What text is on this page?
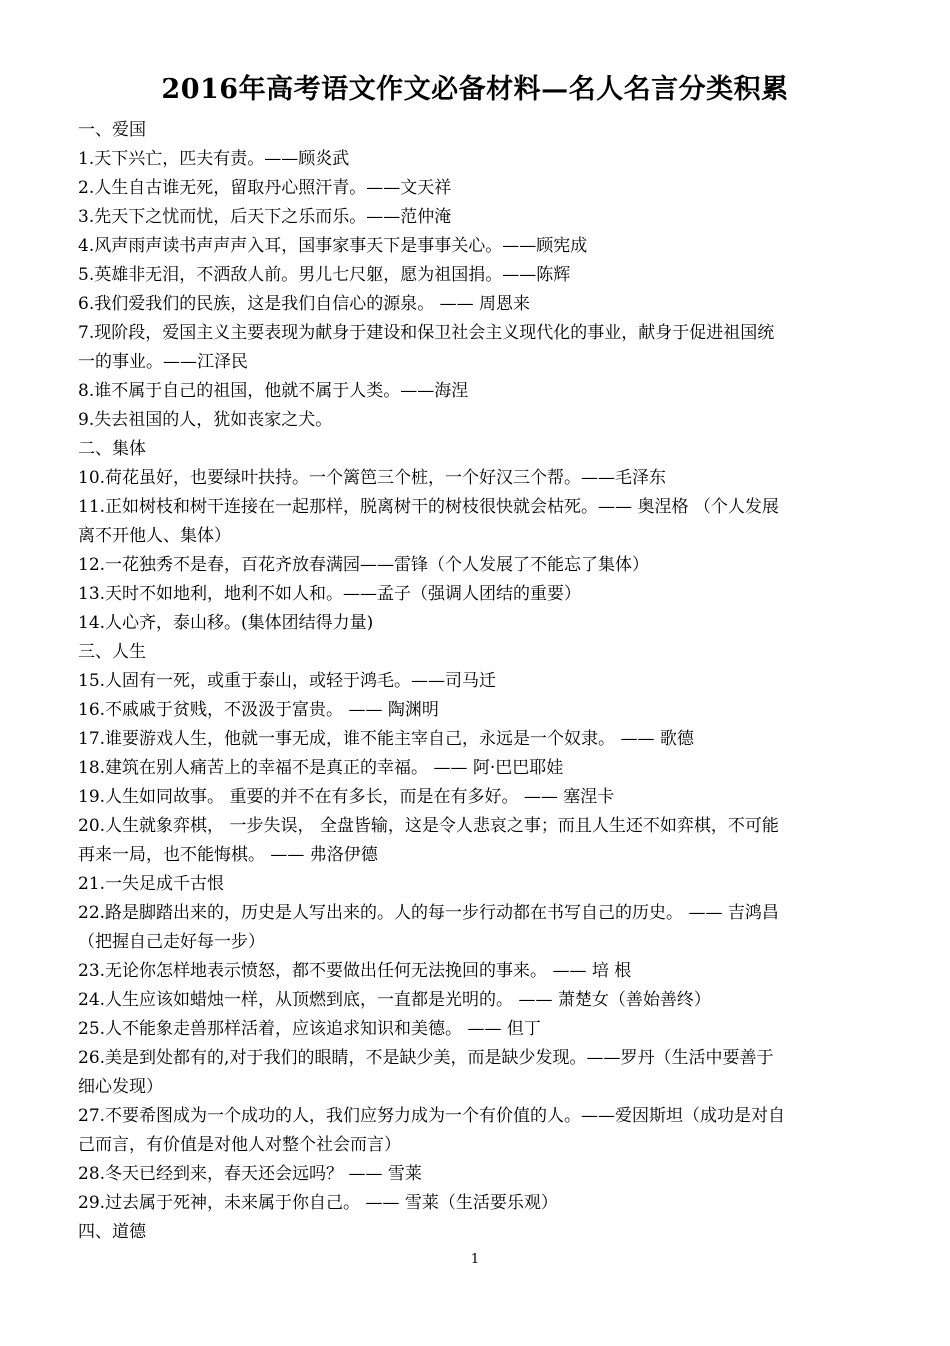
2016年高考语文作文必备材料—名人名言分类积累
一、爱国
1.天下兴亡，匹夫有责。——顾炎武
2.人生自古谁无死，留取丹心照汗青。——文天祥
3.先天下之忧而忧，后天下之乐而乐。——范仲淹
4.风声雨声读书声声声入耳，国事家事天下是事事关心。——顾宪成
5.英雄非无泪，不洒敌人前。男儿七尺躯，愿为祖国捐。——陈辉
6.我们爱我们的民族，这是我们自信心的源泉。 —— 周恩来
7.现阶段，爱国主义主要表现为献身于建设和保卫社会主义现代化的事业，献身于促进祖国统
一的事业。——江泽民
8.谁不属于自己的祖国，他就不属于人类。——海涅
9.失去祖国的人，犹如丧家之犬。
二、集体
10.荷花虽好，也要绿叶扶持。一个篱笆三个桩，一个好汉三个帮。——毛泽东
11.正如树枝和树干连接在一起那样，脱离树干的树枝很快就会枯死。—— 奥涅格 （个人发展
离不开他人、集体）
12.一花独秀不是春，百花齐放春满园——雷锋（个人发展了不能忘了集体）
13.天时不如地利，地利不如人和。——孟子（强调人团结的重要）
14.人心齐，泰山移。(集体团结得力量)
三、人生
15.人固有一死，或重于泰山，或轻于鸿毛。——司马迁
16.不戚戚于贫贱，不汲汲于富贵。 —— 陶渊明
17.谁要游戏人生，他就一事无成，谁不能主宰自己，永远是一个奴隶。 —— 歌德
18.建筑在别人痛苦上的幸福不是真正的幸福。 —— 阿·巴巴耶娃
19.人生如同故事。 重要的并不在有多长，而是在有多好。 —— 塞涅卡
20.人生就象弈棋， 一步失误， 全盘皆输，这是令人悲哀之事；而且人生还不如弈棋，不可能
再来一局，也不能悔棋。 —— 弗洛伊德
21.一失足成千古恨
22.路是脚踏出来的，历史是人写出来的。人的每一步行动都在书写自己的历史。 —— 吉鸿昌
（把握自己走好每一步）
23.无论你怎样地表示愤怒，都不要做出任何无法挽回的事来。 —— 培 根
24.人生应该如蜡烛一样，从顶燃到底，一直都是光明的。 —— 萧楚女（善始善终）
25.人不能象走兽那样活着，应该追求知识和美德。 —— 但丁
26.美是到处都有的,对于我们的眼睛，不是缺少美，而是缺少发现。——罗丹（生活中要善于
细心发现）
27.不要希图成为一个成功的人，我们应努力成为一个有价值的人。——爱因斯坦（成功是对自
己而言，有价值是对他人对整个社会而言）
28.冬天已经到来，春天还会远吗？ —— 雪莱
29.过去属于死神，未来属于你自己。 —— 雪莱（生活要乐观）
四、道德
1
